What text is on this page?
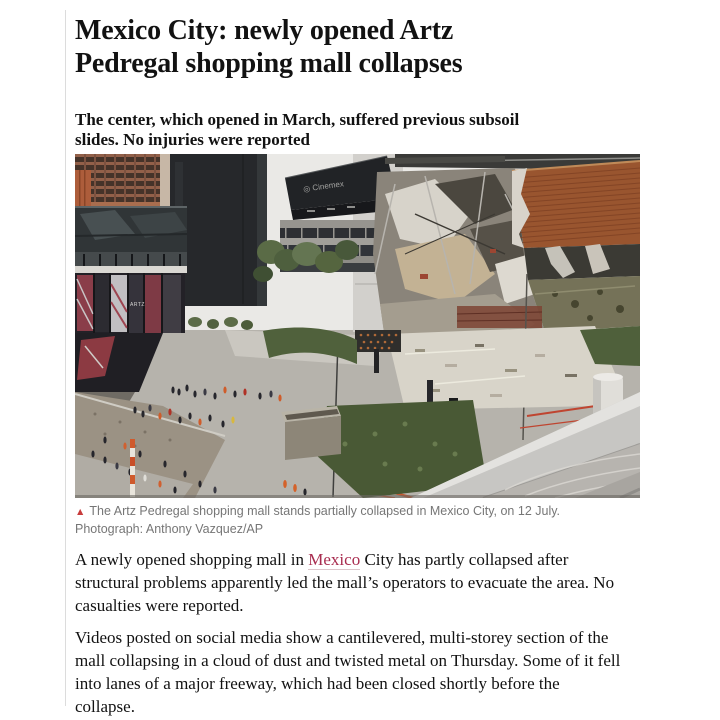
Mexico City: newly opened Artz
Pedregal shopping mall collapses

The center, which opened in March, suffered previous subsoil
slides. No injuries were reported

ARTZ
◎ Cinemex
▲ The Artz Pedregal shopping mall stands partially collapsed in Mexico City, on 12 July. Photograph: Anthony Vazquez/AP

A newly opened shopping mall in Mexico City has partly collapsed after structural problems apparently led the mall’s operators to evacuate the area. No casualties were reported.

Videos posted on social media show a cantilevered, multi-storey section of the mall collapsing in a cloud of dust and twisted metal on Thursday. Some of it fell into lanes of a major freeway, which had been closed shortly before the collapse.
